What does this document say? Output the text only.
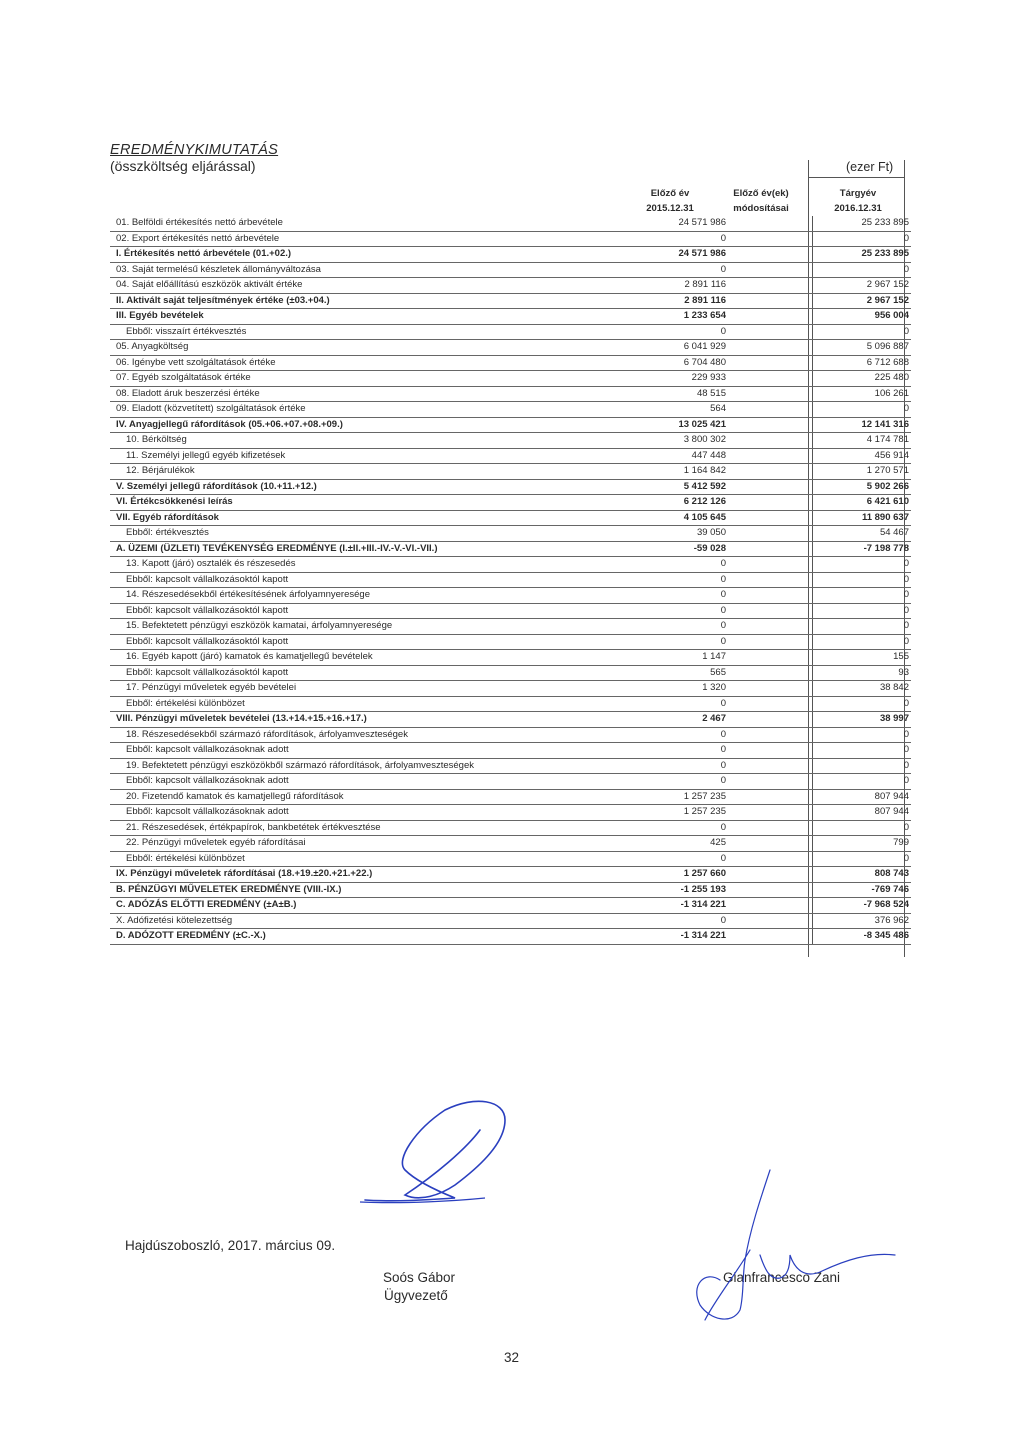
EREDMÉNYKIMUTATÁS
(összköltség eljárással)	(ezer Ft)
Előző év
2015.12.31
Előző év(ek)
módosításai
Tárgyév
2016.12.31
01. Belföldi értékesítés nettó árbevétele	24 571 986		25 233 895
02. Export értékesítés nettó árbevétele	0		0
I. Értékesítés nettó árbevétele (01.+02.)	24 571 986		25 233 895
03. Saját termelésű készletek állományváltozása	0		0
04. Saját előállítású eszközök aktivált értéke	2 891 116		2 967 152
II. Aktivált saját teljesítmények értéke (±03.+04.)	2 891 116		2 967 152
III. Egyéb bevételek	1 233 654		956 004
Ebből: visszaírt értékvesztés	0		0
05. Anyagköltség	6 041 929		5 096 887
06. Igénybe vett szolgáltatások értéke	6 704 480		6 712 688
07. Egyéb szolgáltatások értéke	229 933		225 480
08. Eladott áruk beszerzési értéke	48 515		106 261
09. Eladott (közvetített) szolgáltatások értéke	564		0
IV. Anyagjellegű ráfordítások (05.+06.+07.+08.+09.)	13 025 421		12 141 316
10. Bérköltség	3 800 302		4 174 781
11. Személyi jellegű egyéb kifizetések	447 448		456 914
12. Bérjárulékok	1 164 842		1 270 571
V. Személyi jellegű ráfordítások (10.+11.+12.)	5 412 592		5 902 266
VI. Értékcsökkenési leírás	6 212 126		6 421 610
VII. Egyéb ráfordítások	4 105 645		11 890 637
Ebből: értékvesztés	39 050		54 467
A. ÜZEMI (ÜZLETI) TEVÉKENYSÉG EREDMÉNYE (I.±II.+III.-IV.-V.-VI.-VII.)	-59 028		-7 198 778
13. Kapott (járó) osztalék és részesedés	0		0
Ebből: kapcsolt vállalkozásoktól kapott	0		0
14. Részesedésekből értékesítésének árfolyamnyeresége	0		0
Ebből: kapcsolt vállalkozásoktól kapott	0		0
15. Befektetett pénzügyi eszközök kamatai, árfolyamnyeresége	0		0
Ebből: kapcsolt vállalkozásoktól kapott	0		0
16. Egyéb kapott (járó) kamatok és kamatjellegű bevételek	1 147		155
Ebből: kapcsolt vállalkozásoktól kapott	565		93
17. Pénzügyi műveletek egyéb bevételei	1 320		38 842
Ebből: értékelési különbözet	0		0
VIII. Pénzügyi műveletek bevételei (13.+14.+15.+16.+17.)	2 467		38 997
18. Részesedésekből származó ráfordítások, árfolyamveszteségek	0		0
Ebből: kapcsolt vállalkozásoknak adott	0		0
19. Befektetett pénzügyi eszközökből származó ráfordítások, árfolyamveszteségek	0		0
Ebből: kapcsolt vállalkozásoknak adott	0		0
20. Fizetendő kamatok és kamatjellegű ráfordítások	1 257 235		807 944
Ebből: kapcsolt vállalkozásoknak adott	1 257 235		807 944
21. Részesedések, értékpapírok, bankbetétek értékvesztése	0		0
22. Pénzügyi műveletek egyéb ráfordításai	425		799
Ebből: értékelési különbözet	0		0
IX. Pénzügyi műveletek ráfordításai (18.+19.±20.+21.+22.)	1 257 660		808 743
B. PÉNZÜGYI MŰVELETEK EREDMÉNYE (VIII.-IX.)	-1 255 193		-769 746
C. ADÓZÁS ELŐTTI EREDMÉNY (±A±B.)	-1 314 221		-7 968 524
X. Adófizetési kötelezettség	0		376 962
D. ADÓZOTT EREDMÉNY (±C.-X.)	-1 314 221		-8 345 486
Hajdúszoboszló, 2017. március 09.
Soós Gábor
Ügyvezető
Gianfrancesco Zani
32
